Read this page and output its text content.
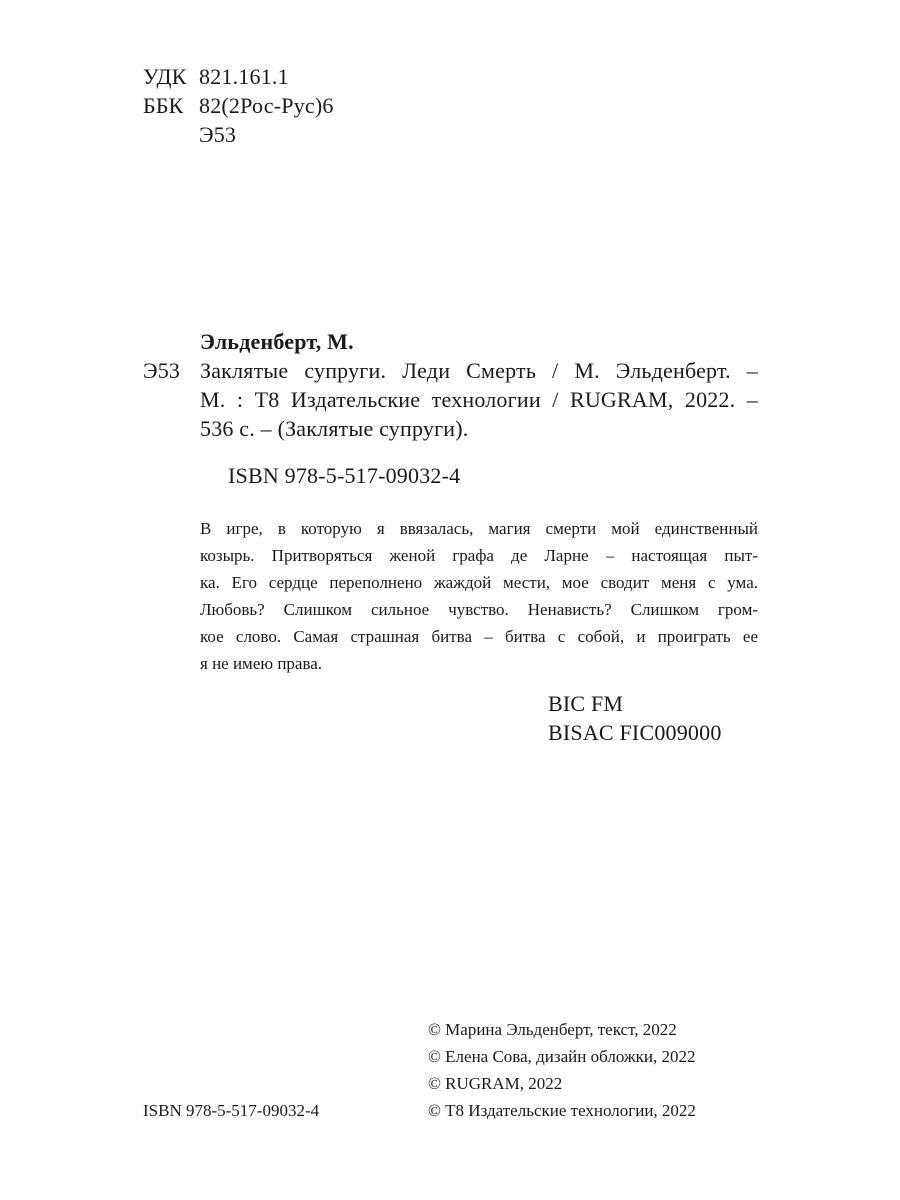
УДК 821.161.1
ББК 82(2Рос-Рус)6
Э53
Эльденберт, М.
Э53 Заклятые супруги. Леди Смерть / М. Эльденберт. –
М. : Т8 Издательские технологии / RUGRAM, 2022. –
536 с. – (Заклятые супруги).
ISBN 978-5-517-09032-4
В игре, в которую я ввязалась, магия смерти мой единственный
козырь. Притворяться женой графа де Ларне – настоящая пыт-
ка. Его сердце переполнено жаждой мести, мое сводит меня с ума.
Любовь? Слишком сильное чувство. Ненависть? Слишком гром-
кое слово. Самая страшная битва – битва с собой, и проиграть ее
я не имею права.
BIC FM
BISAC FIC009000
© Марина Эльденберт, текст, 2022
© Елена Сова, дизайн обложки, 2022
© RUGRAM, 2022
© Т8 Издательские технологии, 2022
ISBN 978-5-517-09032-4
